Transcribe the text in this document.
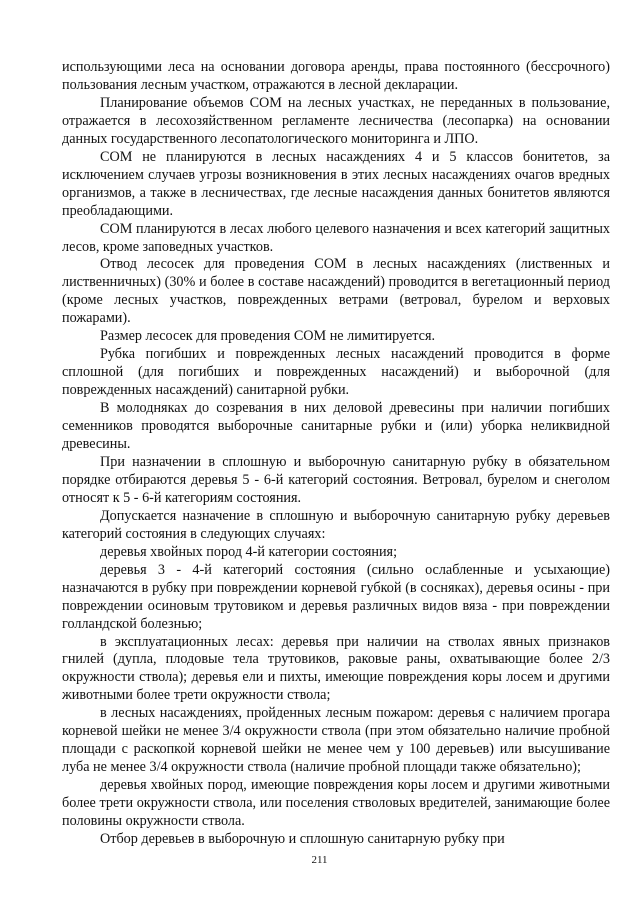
использующими леса на основании договора аренды, права постоянного (бессрочного) пользования лесным участком, отражаются в лесной декларации.

Планирование объемов СОМ на лесных участках, не переданных в пользование, отражается в лесохозяйственном регламенте лесничества (лесопарка) на основании данных государственного лесопатологического мониторинга и ЛПО.

СОМ не планируются в лесных насаждениях 4 и 5 классов бонитетов, за исключением случаев угрозы возникновения в этих лесных насаждениях очагов вредных организмов, а также в лесничествах, где лесные насаждения данных бонитетов являются преобладающими.

СОМ планируются в лесах любого целевого назначения и всех категорий защитных лесов, кроме заповедных участков.

Отвод лесосек для проведения СОМ в лесных насаждениях (лиственных и лиственничных) (30% и более в составе насаждений) проводится в вегетационный период (кроме лесных участков, поврежденных ветрами (ветровал, бурелом и верховых пожарами).

Размер лесосек для проведения СОМ не лимитируется.

Рубка погибших и поврежденных лесных насаждений проводится в форме сплошной (для погибших и поврежденных насаждений) и выборочной (для поврежденных насаждений) санитарной рубки.

В молодняках до созревания в них деловой древесины при наличии погибших семенников проводятся выборочные санитарные рубки и (или) уборка неликвидной древесины.

При назначении в сплошную и выборочную санитарную рубку в обязательном порядке отбираются деревья 5 - 6-й категорий состояния. Ветровал, бурелом и снеголом относят к 5 - 6-й категориям состояния.

Допускается назначение в сплошную и выборочную санитарную рубку деревьев категорий состояния в следующих случаях:

деревья хвойных пород 4-й категории состояния;

деревья 3 - 4-й категорий состояния (сильно ослабленные и усыхающие) назначаются в рубку при повреждении корневой губкой (в сосняках), деревья осины - при повреждении осиновым трутовиком и деревья различных видов вяза - при повреждении голландской болезнью;

в эксплуатационных лесах: деревья при наличии на стволах явных признаков гнилей (дупла, плодовые тела трутовиков, раковые раны, охватывающие более 2/3 окружности ствола); деревья ели и пихты, имеющие повреждения коры лосем и другими животными более трети окружности ствола;

в лесных насаждениях, пройденных лесным пожаром: деревья с наличием прогара корневой шейки не менее 3/4 окружности ствола (при этом обязательно наличие пробной площади с раскопкой корневой шейки не менее чем у 100 деревьев) или высушивание луба не менее 3/4 окружности ствола (наличие пробной площади также обязательно);

деревья хвойных пород, имеющие повреждения коры лосем и другими животными более трети окружности ствола, или поселения стволовых вредителей, занимающие более половины окружности ствола.

Отбор деревьев в выборочную и сплошную санитарную рубку при

211
